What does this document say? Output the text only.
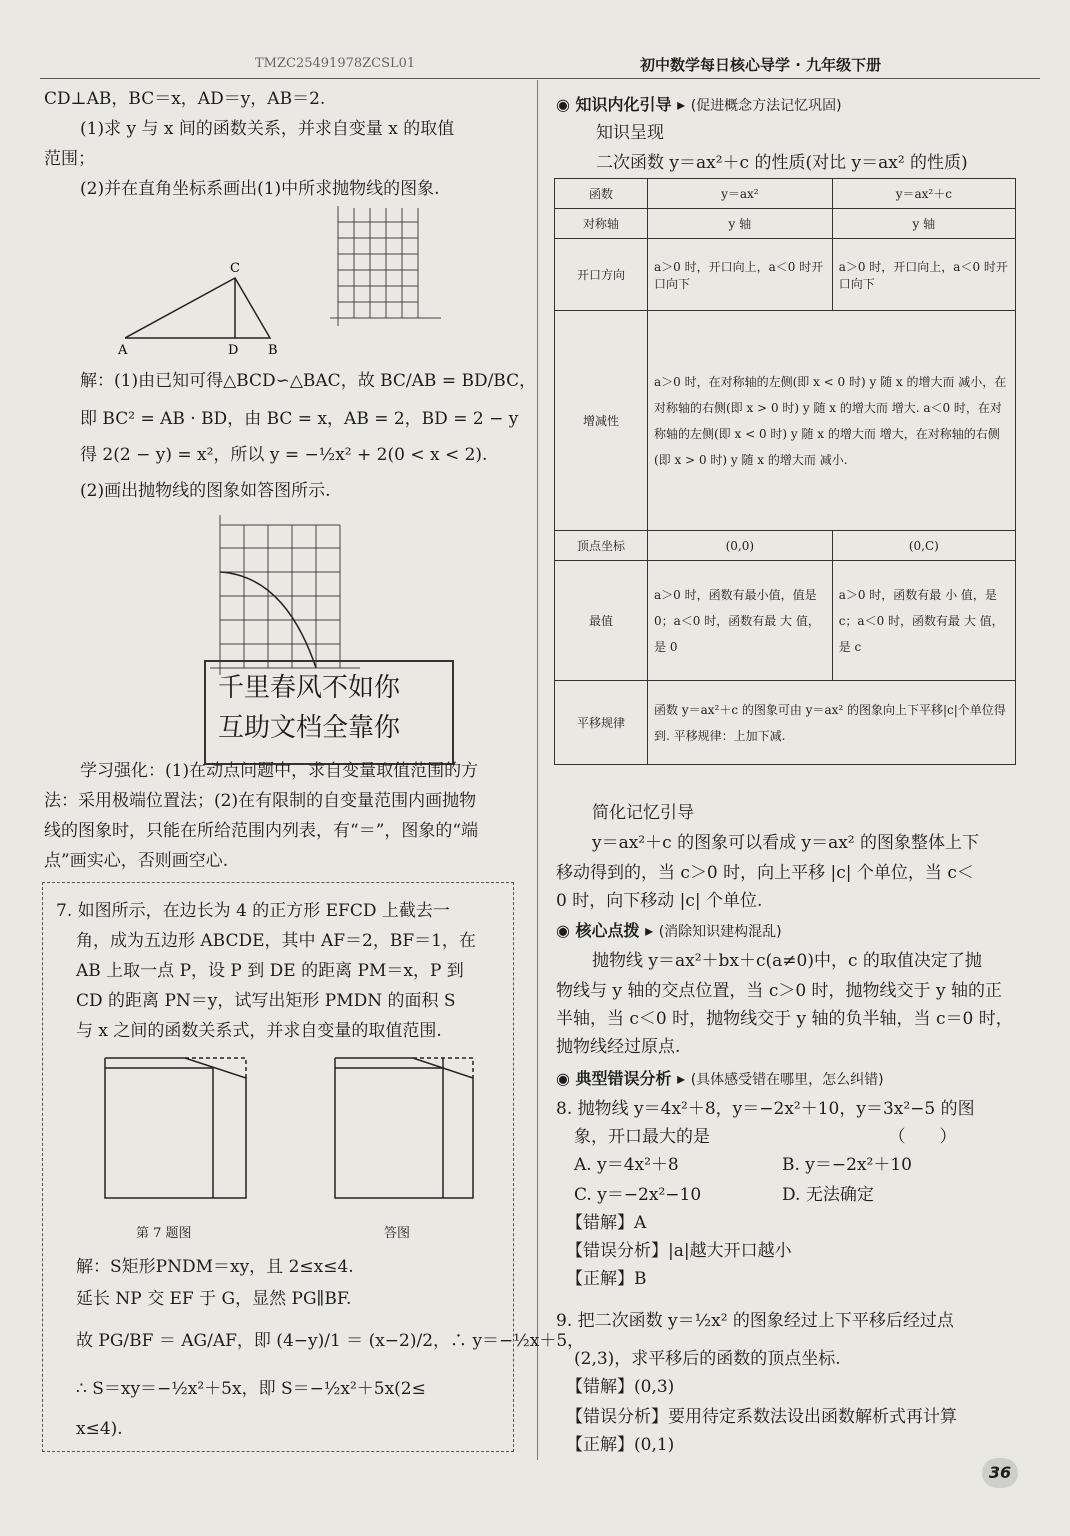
TMZC25491978ZCSL01	初中数学每日核心导学 · 九年级下册
CD⊥AB，BC＝x，AD＝y，AB＝2.
(1)求 y 与 x 间的函数关系，并求自变量 x 的取值
范围；
(2)并在直角坐标系画出(1)中所求抛物线的图象.
A
C
D B
解：(1)由已知可得△BCD∽△BAC，故 BC/AB = BD/BC，
即 BC² = AB · BD，由 BC = x，AB = 2，BD = 2 − y
得 2(2 − y) = x²，所以 y = −½x² + 2(0 < x < 2).
(2)画出抛物线的图象如答图所示.
千里春风不如你
互助文档全靠你
学习强化：(1)在动点问题中，求自变量取值范围的方
法：采用极端位置法；(2)在有限制的自变量范围内画抛物
线的图象时，只能在所给范围内列表，有“＝”，图象的“端
点”画实心，否则画空心.
7. 如图所示，在边长为 4 的正方形 EFCD 上截去一
角，成为五边形 ABCDE，其中 AF＝2，BF＝1，在
AB 上取一点 P，设 P 到 DE 的距离 PM＝x，P 到
CD 的距离 PN＝y，试写出矩形 PMDN 的面积 S
与 x 之间的函数关系式，并求自变量的取值范围.
第 7 题图	答图
解：S矩形PNDM＝xy，且 2≤x≤4.
延长 NP 交 EF 于 G，显然 PG∥BF.
故 PG/BF ＝ AG/AF，即 (4−y)/1 ＝ (x−2)/2，∴ y＝−½x＋5，
∴ S＝xy＝−½x²＋5x，即 S＝−½x²＋5x(2≤
x≤4).
◉ 知识内化引导 ▸ (促进概念方法记忆巩固)
知识呈现
二次函数 y＝ax²＋c 的性质(对比 y＝ax² 的性质)
函数	y＝ax²	y＝ax²＋c
对称轴	y 轴	y 轴
开口方向	a＞0 时，开口向上，a＜0 时开口向下	a＞0 时，开口向上，a＜0 时开口向下
增减性	a＞0 时，在对称轴的左侧(即 x < 0 时) y 随 x 的增大而 减小，在对称轴的右侧(即 x > 0 时) y 随 x 的增大而 增大. a＜0 时，在对称轴的左侧(即 x < 0 时) y 随 x 的增大而 增大，在对称轴的右侧(即 x > 0 时) y 随 x 的增大而 减小.	
顶点坐标	(0,0)	(0,C)
最值	a＞0 时，函数有最小值，值是 0；a＜0 时，函数有最 大 值，是 0	a＞0 时，函数有最 小 值，是 c；a＜0 时，函数有最 大 值，是 c
平移规律	函数 y＝ax²＋c 的图象可由 y＝ax² 的图象向上下平移|c|个单位得到. 平移规律：上加下减.	
简化记忆引导
y＝ax²＋c 的图象可以看成 y＝ax² 的图象整体上下
移动得到的，当 c＞0 时，向上平移 |c| 个单位，当 c＜
0 时，向下移动 |c| 个单位.
◉ 核心点拨 ▸ (消除知识建构混乱)
抛物线 y＝ax²＋bx＋c(a≠0)中，c 的取值决定了抛
物线与 y 轴的交点位置，当 c＞0 时，抛物线交于 y 轴的正
半轴，当 c＜0 时，抛物线交于 y 轴的负半轴，当 c＝0 时，
抛物线经过原点.
◉ 典型错误分析 ▸ (具体感受错在哪里，怎么纠错)
8. 抛物线 y＝4x²＋8，y＝−2x²＋10，y＝3x²−5 的图
象，开口最大的是　　　　　　　　　　　（　　）
A. y＝4x²＋8	B. y＝−2x²＋10
C. y＝−2x²−10	D. 无法确定
【错解】A
【错误分析】|a|越大开口越小
【正解】B
9. 把二次函数 y＝½x² 的图象经过上下平移后经过点
(2,3)，求平移后的函数的顶点坐标.
【错解】(0,3)
【错误分析】要用待定系数法设出函数解析式再计算
【正解】(0,1)
36
